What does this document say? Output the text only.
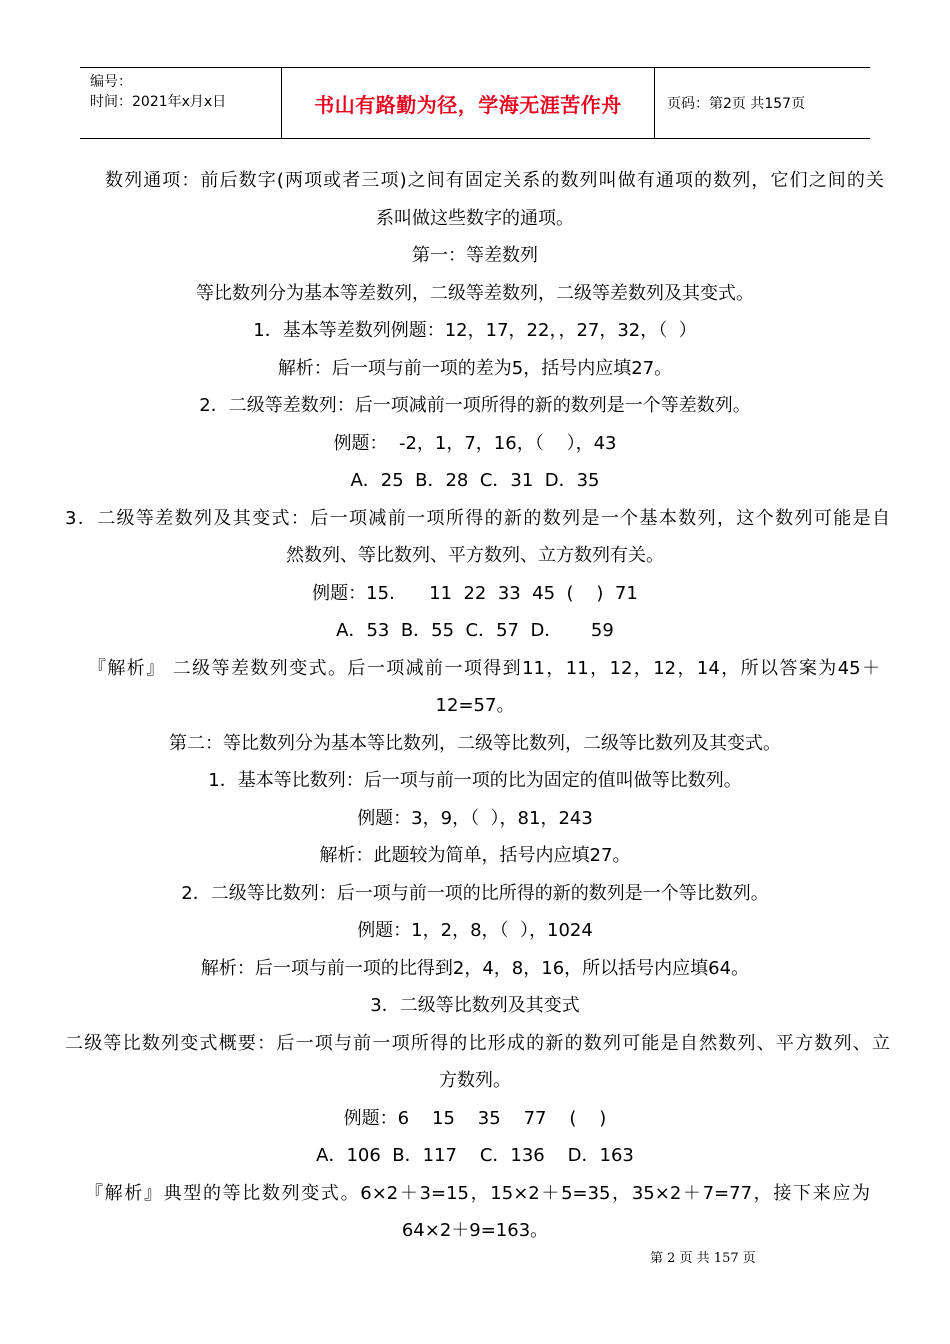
编号：
时间：2021年x月x日	书山有路勤为径，学海无涯苦作舟	页码：第2页 共157页
数列通项：前后数字(两项或者三项)之间有固定关系的数列叫做有通项的数列，它们之间的关
系叫做这些数字的通项。
第一：等差数列
等比数列分为基本等差数列，二级等差数列，二级等差数列及其变式。
1．基本等差数列例题：12，17，22，，27，32，（  ）
解析：后一项与前一项的差为5，括号内应填27。
2．二级等差数列：后一项减前一项所得的新的数列是一个等差数列。
例题：  -2，1，7，16，（    ），43
A．25  B．28  C．31  D．35
3．二级等差数列及其变式：后一项减前一项所得的新的数列是一个基本数列，这个数列可能是自
然数列、等比数列、平方数列、立方数列有关。
例题：15.      11  22  33  45  (    )  71
A．53  B．55  C．57  D．     59
『解析』 二级等差数列变式。后一项减前一项得到11，11，12，12，14，所以答案为45＋
12=57。
第二：等比数列分为基本等比数列，二级等比数列，二级等比数列及其变式。
1．基本等比数列：后一项与前一项的比为固定的值叫做等比数列。
例题：3，9，（  ），81，243
解析：此题较为简单，括号内应填27。
2．二级等比数列：后一项与前一项的比所得的新的数列是一个等比数列。
例题：1，2，8，（  ），1024
解析：后一项与前一项的比得到2，4，8，16，所以括号内应填64。
3．二级等比数列及其变式
二级等比数列变式概要：后一项与前一项所得的比形成的新的数列可能是自然数列、平方数列、立
方数列。
例题：6    15    35    77    (    )
A．106  B．117    C．136    D．163
『解析』典型的等比数列变式。6×2＋3=15，15×2＋5=35，35×2＋7=77，接下来应为
64×2＋9=163。
第 2 页 共 157 页
